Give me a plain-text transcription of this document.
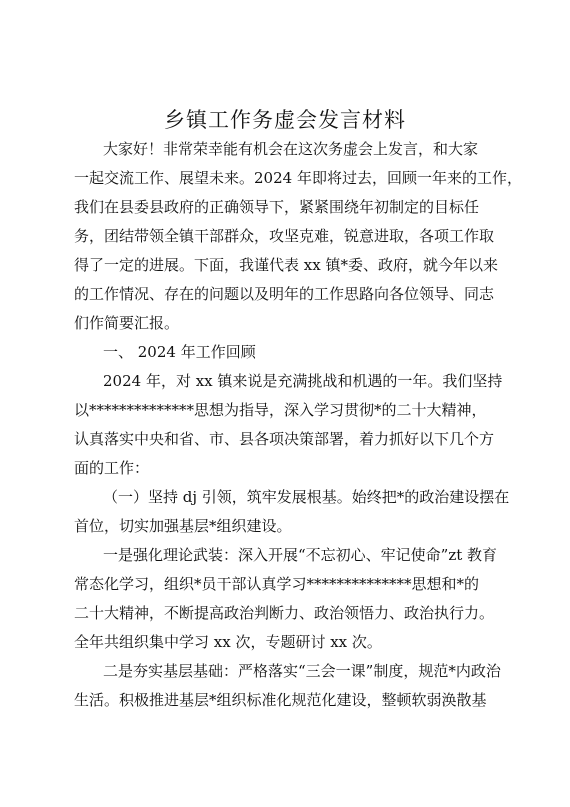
乡镇工作务虚会发言材料
大家好！非常荣幸能有机会在这次务虚会上发言，和大家
一起交流工作、展望未来。2024 年即将过去，回顾一年来的工作，
我们在县委县政府的正确领导下，紧紧围绕年初制定的目标任
务，团结带领全镇干部群众，攻坚克难，锐意进取，各项工作取
得了一定的进展。下面，我谨代表 xx 镇*委、政府，就今年以来
的工作情况、存在的问题以及明年的工作思路向各位领导、同志
们作简要汇报。
一、 2024 年工作回顾
2024 年，对 xx 镇来说是充满挑战和机遇的一年。我们坚持
以**************思想为指导，深入学习贯彻*的二十大精神，
认真落实中央和省、市、县各项决策部署，着力抓好以下几个方
面的工作：
（一）坚持 dj 引领，筑牢发展根基。始终把*的政治建设摆在
首位，切实加强基层*组织建设。
一是强化理论武装：深入开展“不忘初心、牢记使命”zt 教育
常态化学习，组织*员干部认真学习**************思想和*的
二十大精神，不断提高政治判断力、政治领悟力、政治执行力。
全年共组织集中学习 xx 次，专题研讨 xx 次。
二是夯实基层基础：严格落实“三会一课”制度，规范*内政治
生活。积极推进基层*组织标准化规范化建设，整顿软弱涣散基
